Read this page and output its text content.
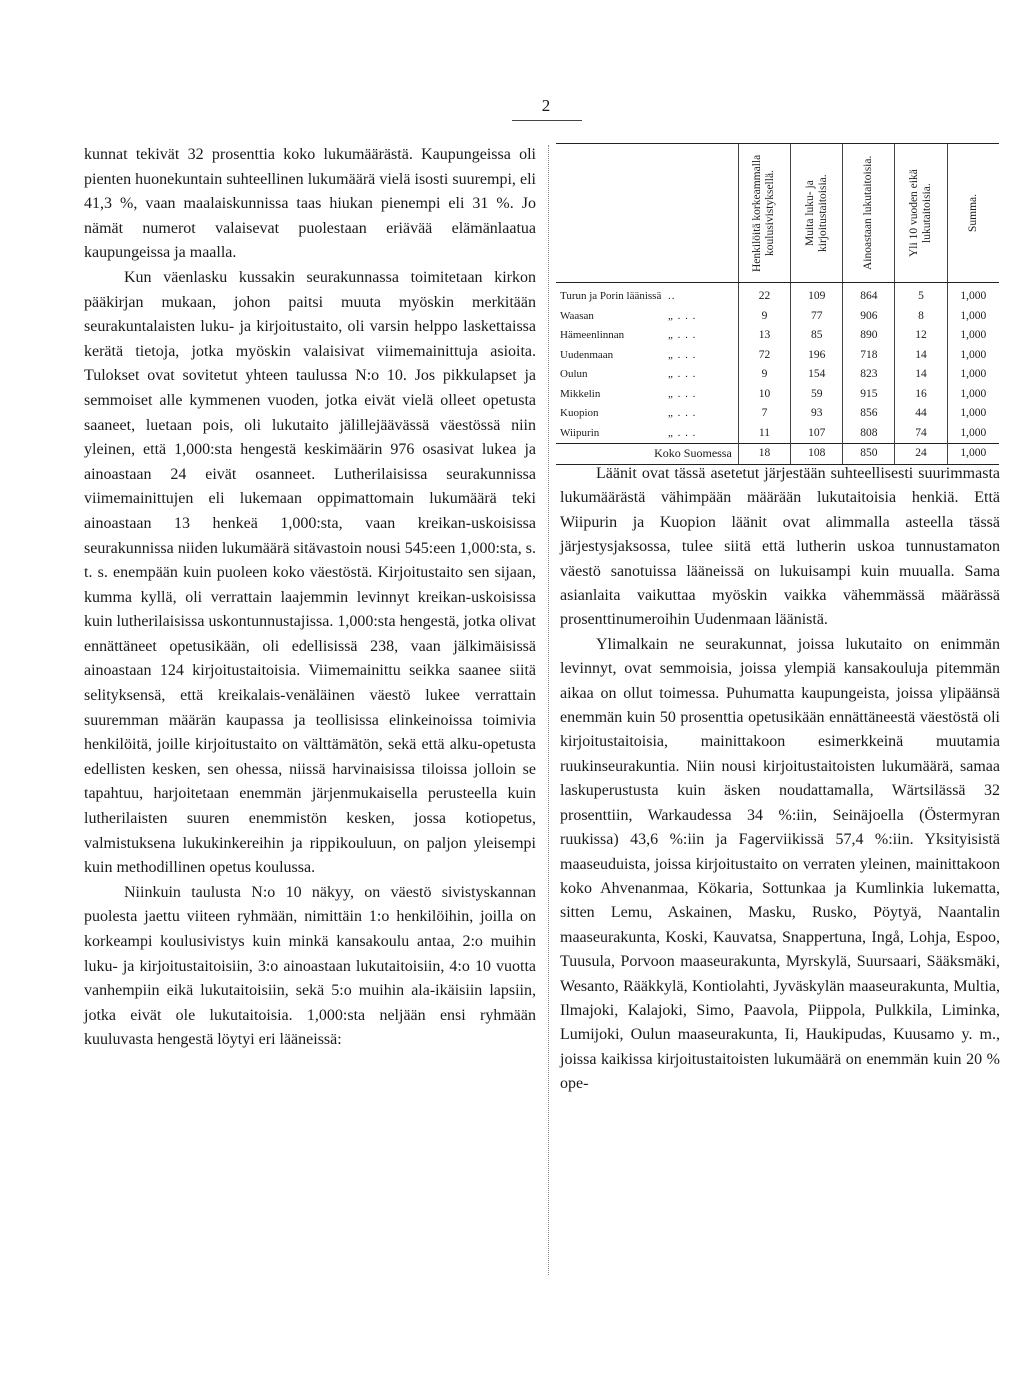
2

kunnat tekivät 32 prosenttia koko lukumäärästä. Kaupungeissa oli pienten huonekuntain suhteellinen lukumäärä vielä isosti suurempi, eli 41,3 %, vaan maalaiskunnissa taas hiukan pienempi eli 31 %. Jo nämät numerot valaisevat puolestaan eriävää elämänlaatua kaupungeissa ja maalla.

Kun väenlasku kussakin seurakunnassa toimitetaan kirkon pääkirjan mukaan, johon paitsi muuta myöskin merkitään seurakuntalaisten luku- ja kirjoitustaito, oli varsin helppo laskettaissa kerätä tietoja, jotka myöskin valaisivat viimemainittuja asioita. Tulokset ovat sovitetut yhteen taulussa N:o 10. Jos pikkulapset ja semmoiset alle kymmenen vuoden, jotka eivät vielä olleet opetusta saaneet, luetaan pois, oli lukutaito jälillejäävässä väestössä niin yleinen, että 1,000:sta hengestä keskimäärin 976 osasivat lukea ja ainoastaan 24 eivät osanneet. Lutherilaisissa seurakunnissa viimemainittujen eli lukemaan oppimattomain lukumäärä teki ainoastaan 13 henkeä 1,000:sta, vaan kreikan-uskoisissa seurakunnissa niiden lukumäärä sitävastoin nousi 545:een 1,000:sta, s. t. s. enempään kuin puoleen koko väestöstä. Kirjoitustaito sen sijaan, kumma kyllä, oli verrattain laajemmin levinnyt kreikan-uskoisissa kuin lutherilaisissa uskontunnustajissa. 1,000:sta hengestä, jotka olivat ennättäneet opetusikään, oli edellisissä 238, vaan jälkimäisissä ainoastaan 124 kirjoitustaitoisia. Viimemainittu seikka saanee siitä selityksensä, että kreikalais-venäläinen väestö lukee verrattain suuremman määrän kaupassa ja teollisissa elinkeinoissa toimivia henkilöitä, joille kirjoitustaito on välttämätön, sekä että alku-opetusta edellisten kesken, sen ohessa, niissä harvinaisissa tiloissa jolloin se tapahtuu, harjoitetaan enemmän järjenmukaisella perusteella kuin lutherilaisten suuren enemmistön kesken, jossa kotiopetus, valmistuksena lukukinkereihin ja rippikouluun, on paljon yleisempi kuin methodillinen opetus koulussa.

Niinkuin taulusta N:o 10 näkyy, on väestö sivistyskannan puolesta jaettu viiteen ryhmään, nimittäin 1:o henkilöihin, joilla on korkeampi koulusivistys kuin minkä kansakoulu antaa, 2:o muihin luku- ja kirjoitustaitoisiin, 3:o ainoastaan lukutaitoisiin, 4:o 10 vuotta vanhempiin eikä lukutaitoisiin, sekä 5:o muihin ala-ikäisiin lapsiin, jotka eivät ole lukutaitoisia. 1,000:sta neljään ensi ryhmään kuuluvasta hengestä löytyi eri lääneissä:

	Henkilöitä korkeammalla koulusivistyksellä.	Muita luku- ja kirjoitustaitoisia.	Ainoastaan lukutaitoisia.	Yli 10 vuoden eikä lukutaitoisia.	Summa.

Turun ja Porin läänissä ..	22	109	864	5	1,000
Waasan „ . . .	9	77	906	8	1,000
Hämeenlinnan „ . . .	13	85	890	12	1,000
Uudenmaan „ . . .	72	196	718	14	1,000
Oulun „ . . .	9	154	823	14	1,000
Mikkelin „ . . .	10	59	915	16	1,000
Kuopion „ . . .	7	93	856	44	1,000
Wiipurin „ . . .	11	107	808	74	1,000
Koko Suomessa	18	108	850	24	1,000

Läänit ovat tässä asetetut järjestään suhteellisesti suurimmasta lukumäärästä vähimpään määrään lukutaitoisia henkiä. Että Wiipurin ja Kuopion läänit ovat alimmalla asteella tässä järjestysjaksossa, tulee siitä että lutherin uskoa tunnustamaton väestö sanotuissa lääneissä on lukuisampi kuin muualla. Sama asianlaita vaikuttaa myöskin vaikka vähemmässä määrässä prosenttinumeroihin Uudenmaan läänistä.

Ylimalkain ne seurakunnat, joissa lukutaito on enimmän levinnyt, ovat semmoisia, joissa ylempiä kansakouluja pitemmän aikaa on ollut toimessa. Puhumatta kaupungeista, joissa ylipäänsä enemmän kuin 50 prosenttia opetusikään ennättäneestä väestöstä oli kirjoitustaitoisia, mainittakoon esimerkkeinä muutamia ruukinseurakuntia. Niin nousi kirjoitustaitoisten lukumäärä, samaa laskuperustusta kuin äsken noudattamalla, Wärtsilässä 32 prosenttiin, Warkaudessa 34 %:iin, Seinäjoella (Östermyran ruukissa) 43,6 %:iin ja Fagerviikissä 57,4 %:iin. Yksityisistä maaseuduista, joissa kirjoitustaito on verraten yleinen, mainittakoon koko Ahvenanmaa, Kökaria, Sottunkaa ja Kumlinkia lukematta, sitten Lemu, Askainen, Masku, Rusko, Pöytyä, Naantalin maaseurakunta, Koski, Kauvatsa, Snappertuna, Ingå, Lohja, Espoo, Tuusula, Porvoon maaseurakunta, Myrskylä, Suursaari, Sääksmäki, Wesanto, Rääkkylä, Kontiolahti, Jyväskylän maaseurakunta, Multia, Ilmajoki, Kalajoki, Simo, Paavola, Piippola, Pulkkila, Liminka, Lumijoki, Oulun maaseurakunta, Ii, Haukipudas, Kuusamo y. m., joissa kaikissa kirjoitustaitoisten lukumäärä on enemmän kuin 20 % ope-
